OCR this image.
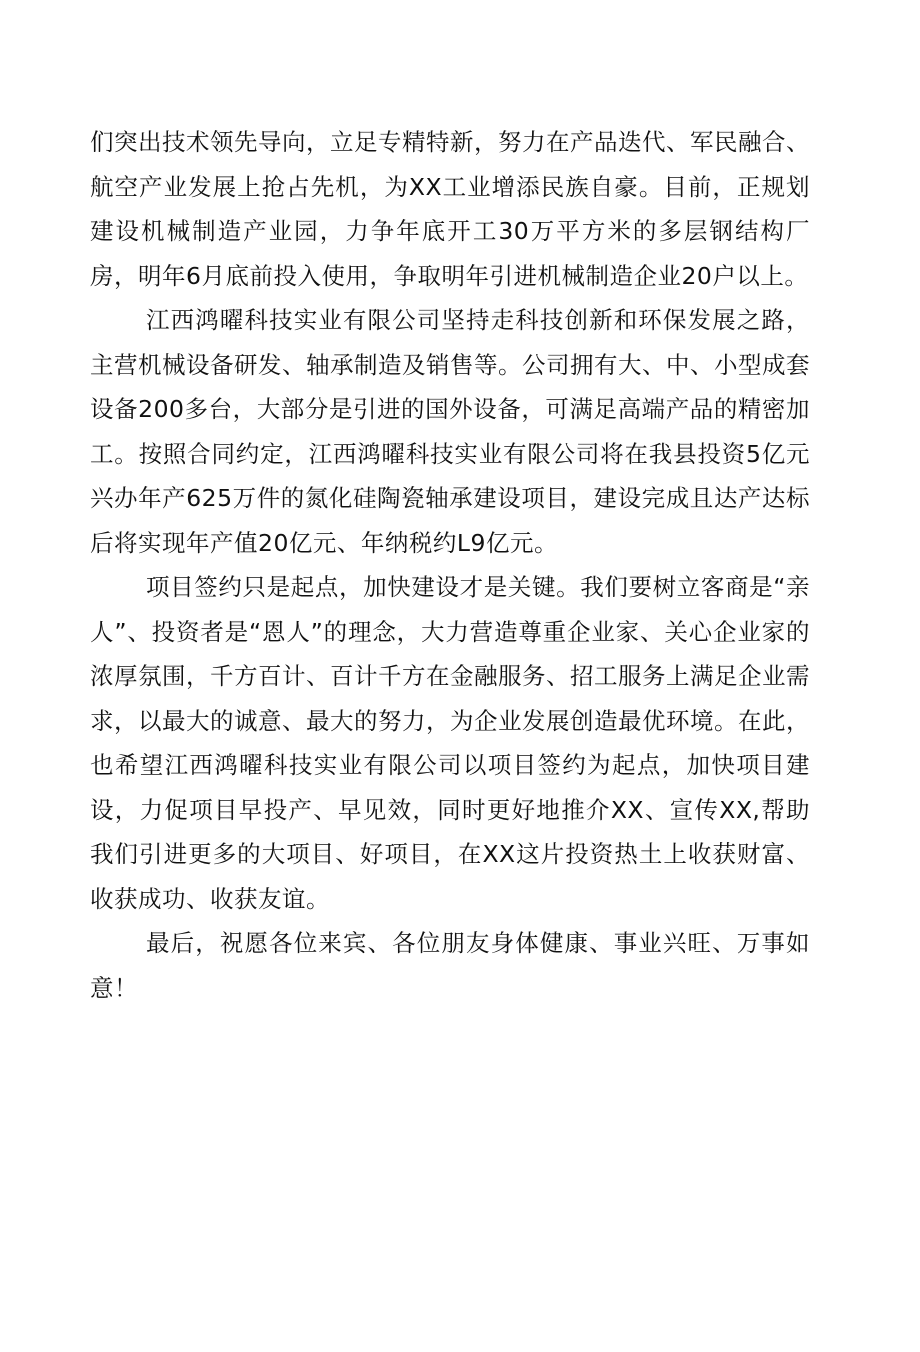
们突出技术领先导向，立足专精特新，努力在产品迭代、军民融合、航空产业发展上抢占先机，为XX工业增添民族自豪。目前，正规划建设机械制造产业园，力争年底开工30万平方米的多层钢结构厂房，明年6月底前投入使用，争取明年引进机械制造企业20户以上。

江西鸿曜科技实业有限公司坚持走科技创新和环保发展之路，主营机械设备研发、轴承制造及销售等。公司拥有大、中、小型成套设备200多台，大部分是引进的国外设备，可满足高端产品的精密加工。按照合同约定，江西鸿曜科技实业有限公司将在我县投资5亿元兴办年产625万件的氮化硅陶瓷轴承建设项目，建设完成且达产达标后将实现年产值20亿元、年纳税约L9亿元。

项目签约只是起点，加快建设才是关键。我们要树立客商是“亲人”、投资者是“恩人”的理念，大力营造尊重企业家、关心企业家的浓厚氛围，千方百计、百计千方在金融服务、招工服务上满足企业需求，以最大的诚意、最大的努力，为企业发展创造最优环境。在此，也希望江西鸿曜科技实业有限公司以项目签约为起点，加快项目建设，力促项目早投产、早见效，同时更好地推介XX、宣传XX,帮助我们引进更多的大项目、好项目，在XX这片投资热土上收获财富、收获成功、收获友谊。

最后，祝愿各位来宾、各位朋友身体健康、事业兴旺、万事如意！
